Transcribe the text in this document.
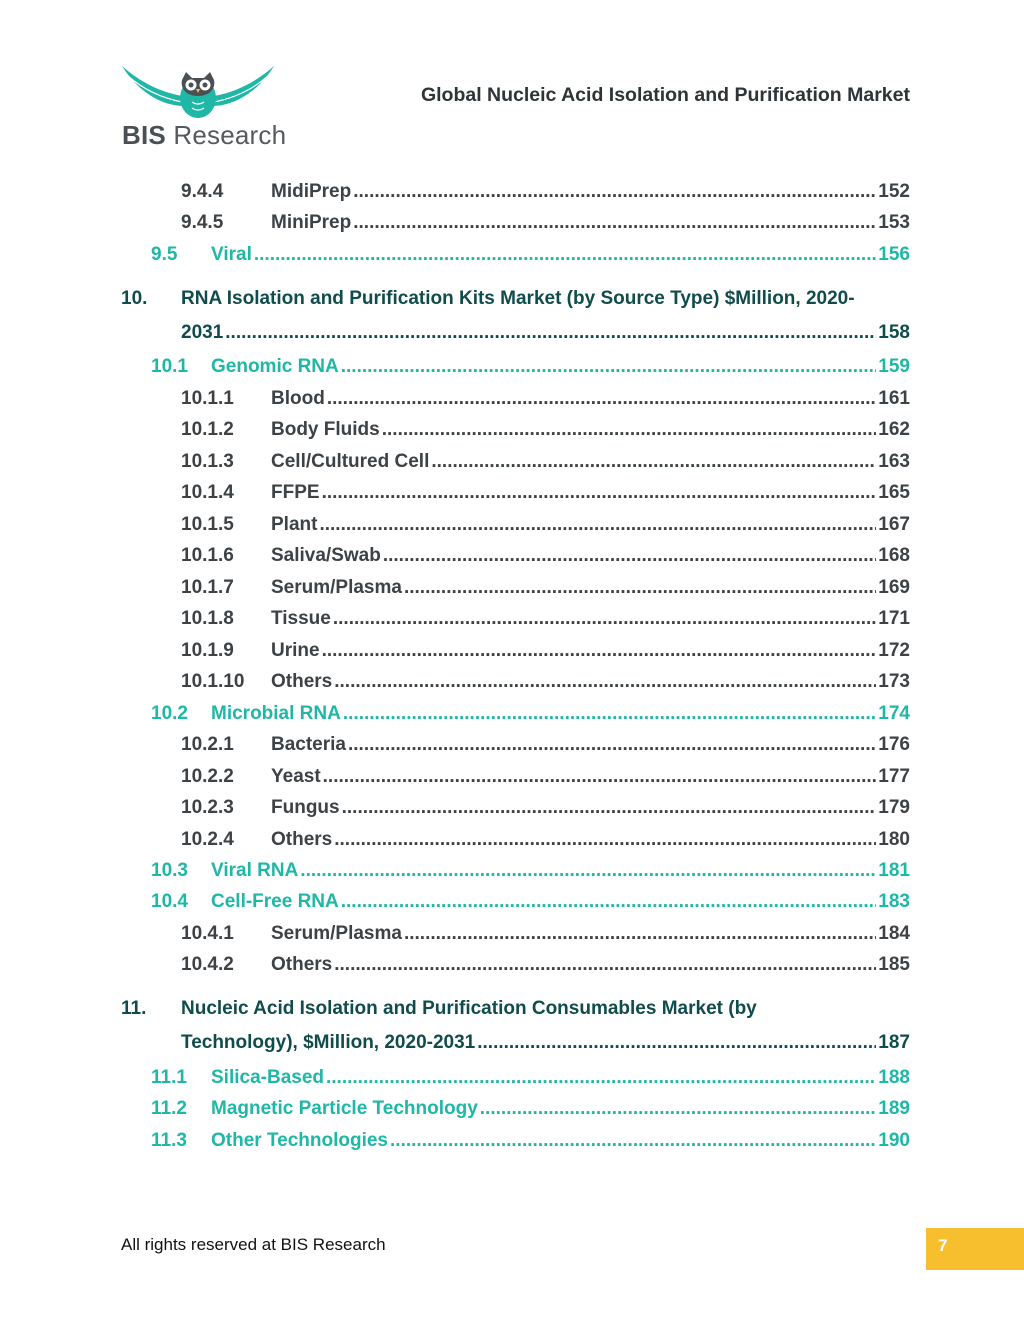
BIS Research
Global Nucleic Acid Isolation and Purification Market
9.4.4	MidiPrep .....	152
9.4.5	MiniPrep .....	153
9.5	Viral .....	156
10. RNA Isolation and Purification Kits Market (by Source Type) $Million, 2020-
2031 .....	158
10.1	Genomic RNA .....	159
10.1.1	Blood .....	161
10.1.2	Body Fluids .....	162
10.1.3	Cell/Cultured Cell .....	163
10.1.4	FFPE .....	165
10.1.5	Plant .....	167
10.1.6	Saliva/Swab .....	168
10.1.7	Serum/Plasma .....	169
10.1.8	Tissue .....	171
10.1.9	Urine .....	172
10.1.10	Others .....	173
10.2	Microbial RNA .....	174
10.2.1	Bacteria .....	176
10.2.2	Yeast .....	177
10.2.3	Fungus .....	179
10.2.4	Others .....	180
10.3	Viral RNA .....	181
10.4	Cell-Free RNA .....	183
10.4.1	Serum/Plasma .....	184
10.4.2	Others .....	185
11. Nucleic Acid Isolation and Purification Consumables Market (by
Technology), $Million, 2020-2031 .....	187
11.1	Silica-Based .....	188
11.2	Magnetic Particle Technology .....	189
11.3	Other Technologies .....	190
All rights reserved at BIS Research	7
